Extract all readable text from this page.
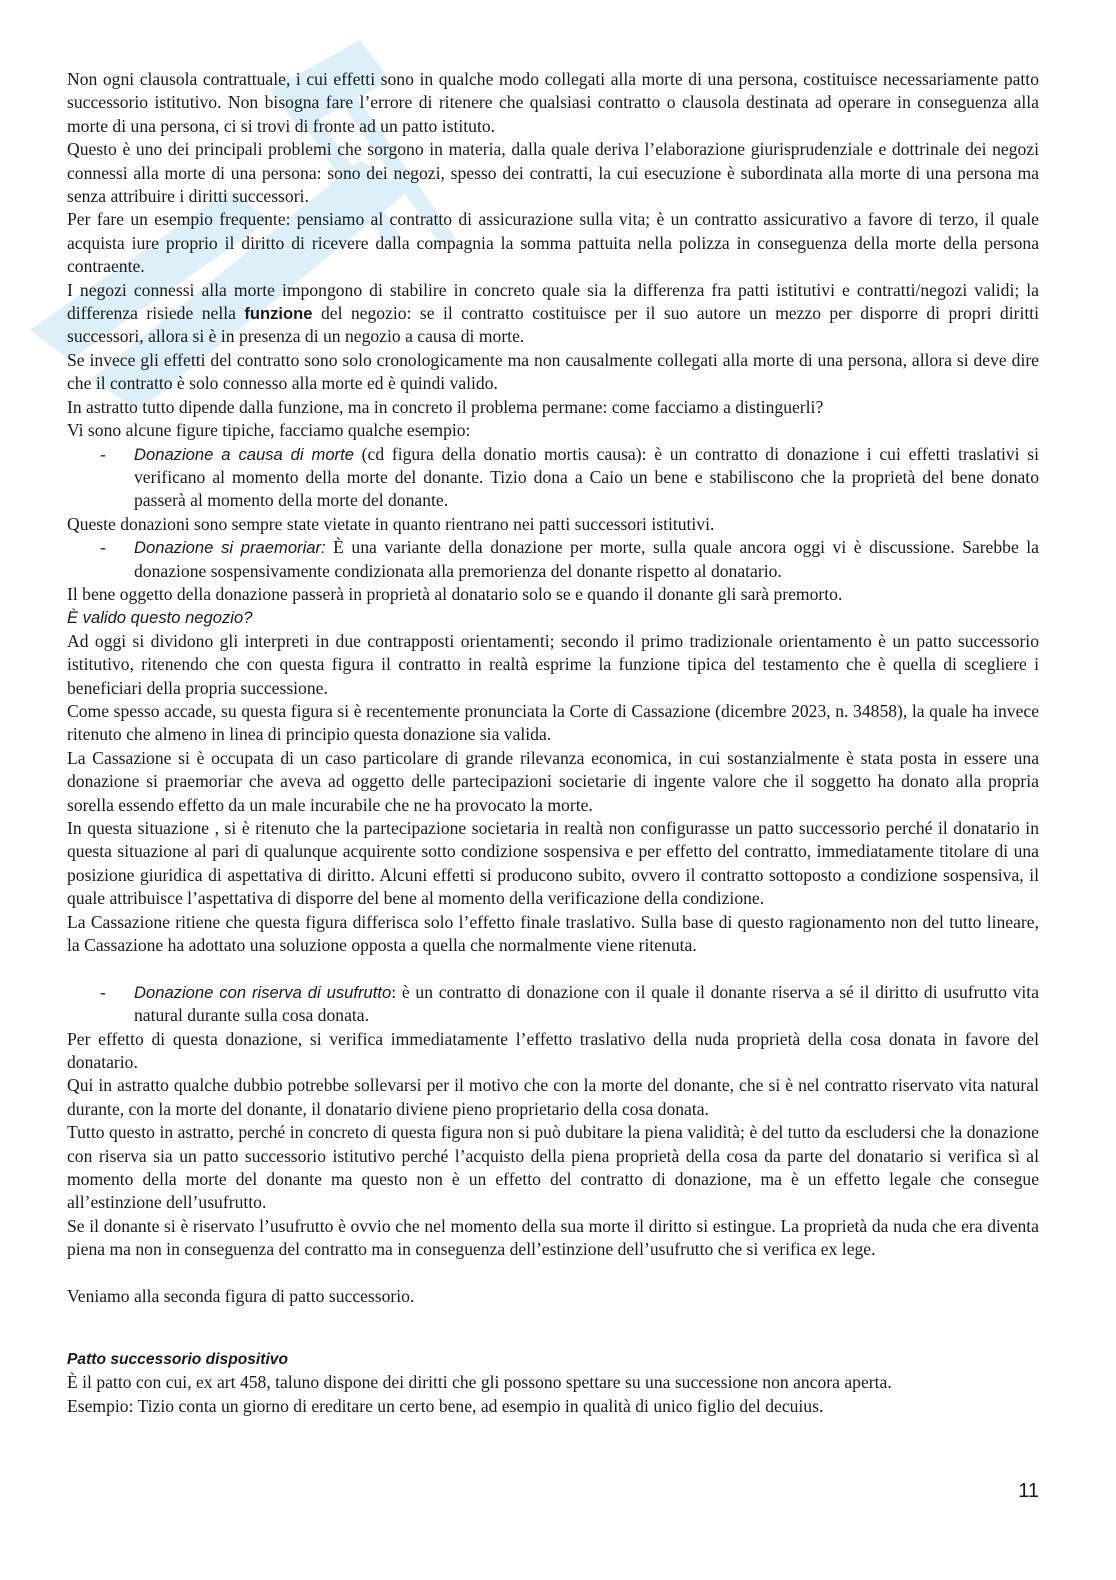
Non ogni clausola contrattuale, i cui effetti sono in qualche modo collegati alla morte di una persona, costituisce necessariamente patto successorio istitutivo. Non bisogna fare l’errore di ritenere che qualsiasi contratto o clausola destinata ad operare in conseguenza alla morte di una persona, ci si trovi di fronte ad un patto istituto.

Questo è uno dei principali problemi che sorgono in materia, dalla quale deriva l’elaborazione giurisprudenziale e dottrinale dei negozi connessi alla morte di una persona: sono dei negozi, spesso dei contratti, la cui esecuzione è subordinata alla morte di una persona ma senza attribuire i diritti successori.

Per fare un esempio frequente: pensiamo al contratto di assicurazione sulla vita; è un contratto assicurativo a favore di terzo, il quale acquista iure proprio il diritto di ricevere dalla compagnia la somma pattuita nella polizza in conseguenza della morte della persona contraente.

I negozi connessi alla morte impongono di stabilire in concreto quale sia la differenza fra patti istitutivi e contratti/negozi validi; la differenza risiede nella funzione del negozio: se il contratto costituisce per il suo autore un mezzo per disporre di propri diritti successori, allora si è in presenza di un negozio a causa di morte.

Se invece gli effetti del contratto sono solo cronologicamente ma non causalmente collegati alla morte di una persona, allora si deve dire che il contratto è solo connesso alla morte ed è quindi valido.

In astratto tutto dipende dalla funzione, ma in concreto il problema permane: come facciamo a distinguerli?

Vi sono alcune figure tipiche, facciamo qualche esempio:

- Donazione a causa di morte (cd figura della donatio mortis causa): è un contratto di donazione i cui effetti traslativi si verificano al momento della morte del donante. Tizio dona a Caio un bene e stabiliscono che la proprietà del bene donato passerà al momento della morte del donante.

Queste donazioni sono sempre state vietate in quanto rientrano nei patti successori istitutivi.

- Donazione si praemoriar: È una variante della donazione per morte, sulla quale ancora oggi vi è discussione. Sarebbe la donazione sospensivamente condizionata alla premorienza del donante rispetto al donatario.

Il bene oggetto della donazione passerà in proprietà al donatario solo se e quando il donante gli sarà premorto.

È valido questo negozio?

Ad oggi si dividono gli interpreti in due contrapposti orientamenti; secondo il primo tradizionale orientamento è un patto successorio istitutivo, ritenendo che con questa figura il contratto in realtà esprime la funzione tipica del testamento che è quella di scegliere i beneficiari della propria successione.

Come spesso accade, su questa figura si è recentemente pronunciata la Corte di Cassazione (dicembre 2023, n. 34858), la quale ha invece ritenuto che almeno in linea di principio questa donazione sia valida.

La Cassazione si è occupata di un caso particolare di grande rilevanza economica, in cui sostanzialmente è stata posta in essere una donazione si praemoriar che aveva ad oggetto delle partecipazioni societarie di ingente valore che il soggetto ha donato alla propria sorella essendo effetto da un male incurabile che ne ha provocato la morte.

In questa situazione , si è ritenuto che la partecipazione societaria in realtà non configurasse un patto successorio perché il donatario in questa situazione al pari di qualunque acquirente sotto condizione sospensiva e per effetto del contratto, immediatamente titolare di una posizione giuridica di aspettativa di diritto. Alcuni effetti si producono subito, ovvero il contratto sottoposto a condizione sospensiva, il quale attribuisce l’aspettativa di disporre del bene al momento della verificazione della condizione.

La Cassazione ritiene che questa figura differisca solo l’effetto finale traslativo. Sulla base di questo ragionamento non del tutto lineare, la Cassazione ha adottato una soluzione opposta a quella che normalmente viene ritenuta.

- Donazione con riserva di usufrutto: è un contratto di donazione con il quale il donante riserva a sé il diritto di usufrutto vita natural durante sulla cosa donata.

Per effetto di questa donazione, si verifica immediatamente l’effetto traslativo della nuda proprietà della cosa donata in favore del donatario.

Qui in astratto qualche dubbio potrebbe sollevarsi per il motivo che con la morte del donante, che si è nel contratto riservato vita natural durante, con la morte del donante, il donatario diviene pieno proprietario della cosa donata.

Tutto questo in astratto, perché in concreto di questa figura non si può dubitare la piena validità; è del tutto da escludersi che la donazione con riserva sia un patto successorio istitutivo perché l’acquisto della piena proprietà della cosa da parte del donatario si verifica sì al momento della morte del donante ma questo non è un effetto del contratto di donazione, ma è un effetto legale che consegue all’estinzione dell’usufrutto.

Se il donante si è riservato l’usufrutto è ovvio che nel momento della sua morte il diritto si estingue. La proprietà da nuda che era diventa piena ma non in conseguenza del contratto ma in conseguenza dell’estinzione dell’usufrutto che si verifica ex lege.

Veniamo alla seconda figura di patto successorio.

Patto successorio dispositivo

È il patto con cui, ex art 458, taluno dispone dei diritti che gli possono spettare su una successione non ancora aperta.

Esempio: Tizio conta un giorno di ereditare un certo bene, ad esempio in qualità di unico figlio del decuius.

11
